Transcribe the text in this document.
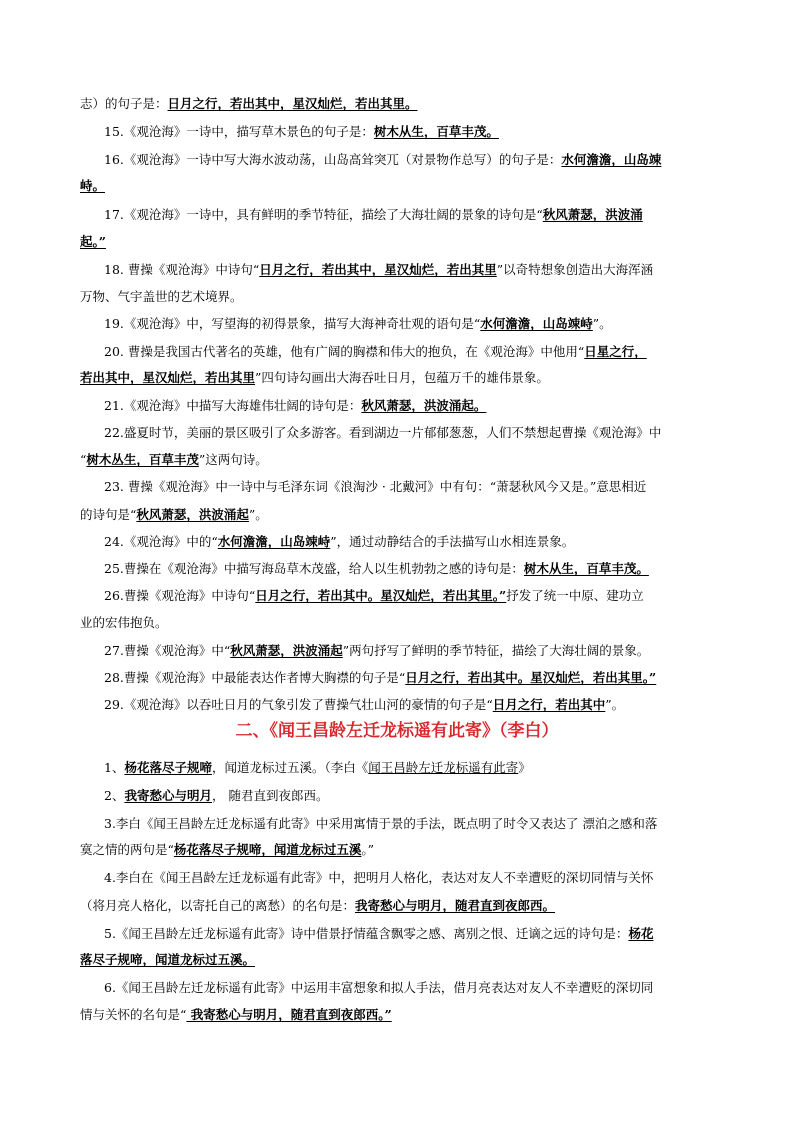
二、《闻王昌龄左迁龙标遥有此寄》（李白）
志）的句子是：日月之行，若出其中，星汉灿烂，若出其里。
15.《观沧海》一诗中，描写草木景色的句子是：树木从生，百草丰茂。
16.《观沧海》一诗中写大海水波动荡，山岛高耸突兀（对景物作总写）的句子是：水何澹澹，山岛竦
峙。
17.《观沧海》一诗中，具有鲜明的季节特征，描绘了大海壮阔的景象的诗句是“秋风萧瑟，洪波涌
起。”
18. 曹操《观沧海》中诗句“日月之行，若出其中，星汉灿烂，若出其里”以奇特想象创造出大海浑涵
万物、气宇盖世的艺术境界。
19.《观沧海》中，写望海的初得景象，描写大海神奇壮观的语句是“水何澹澹，山岛竦峙”。
20. 曹操是我国古代著名的英雄，他有广阔的胸襟和伟大的抱负，在《观沧海》中他用“日星之行，
若出其中，星汉灿烂，若出其里”四句诗勾画出大海吞吐日月，包蕴万千的雄伟景象。
21.《观沧海》中描写大海雄伟壮阔的诗句是：秋风萧瑟，洪波涌起。
22.盛夏时节，美丽的景区吸引了众多游客。看到湖边一片郁郁葱葱，人们不禁想起曹操《观沧海》中
“树木丛生，百草丰茂”这两句诗。
23. 曹操《观沧海》中一诗中与毛泽东词《浪淘沙 · 北戴河》中有句：“萧瑟秋风今又是。”意思相近
的诗句是“秋风萧瑟，洪波涌起”。
24.《观沧海》中的“水何澹澹，山岛竦峙”，通过动静结合的手法描写山水相连景象。
25.曹操在《观沧海》中描写海岛草木茂盛，给人以生机勃勃之感的诗句是：树木从生，百草丰茂。
26.曹操《观沧海》中诗句“日月之行，若出其中。星汉灿烂，若出其里。”抒发了统一中原、建功立
业的宏伟抱负。
27.曹操《观沧海》中“秋风萧瑟，洪波涌起”两句抒写了鲜明的季节特征，描绘了大海壮阔的景象。
28.曹操《观沧海》中最能表达作者博大胸襟的句子是“日月之行，若出其中。星汉灿烂，若出其里。”
29.《观沧海》以吞吐日月的气象引发了曹操气壮山河的豪情的句子是“日月之行，若出其中”。
1、杨花落尽子规啼，闻道龙标过五溪。（李白《闻王昌龄左迁龙标遥有此寄》
2、我寄愁心与明月， 随君直到夜郎西。
3.李白《闻王昌龄左迁龙标遥有此寄》中采用寓情于景的手法，既点明了时令又表达了 漂泊之感和落
寞之情的两句是“杨花落尽子规啼，闻道龙标过五溪。”
4.李白在《闻王昌龄左迁龙标遥有此寄》中，把明月人格化，表达对友人不幸遭贬的深切同情与关怀
（将月亮人格化，以寄托自己的离愁）的名句是：我寄愁心与明月，随君直到夜郎西。
5.《闻王昌龄左迁龙标遥有此寄》诗中借景抒情蕴含飘零之感、离别之恨、迁谪之远的诗句是：杨花
落尽子规啼，闻道龙标过五溪。
6.《闻王昌龄左迁龙标遥有此寄》中运用丰富想象和拟人手法，借月亮表达对友人不幸遭贬的深切同
情与关怀的名句是“ 我寄愁心与明月，随君直到夜郎西。”
